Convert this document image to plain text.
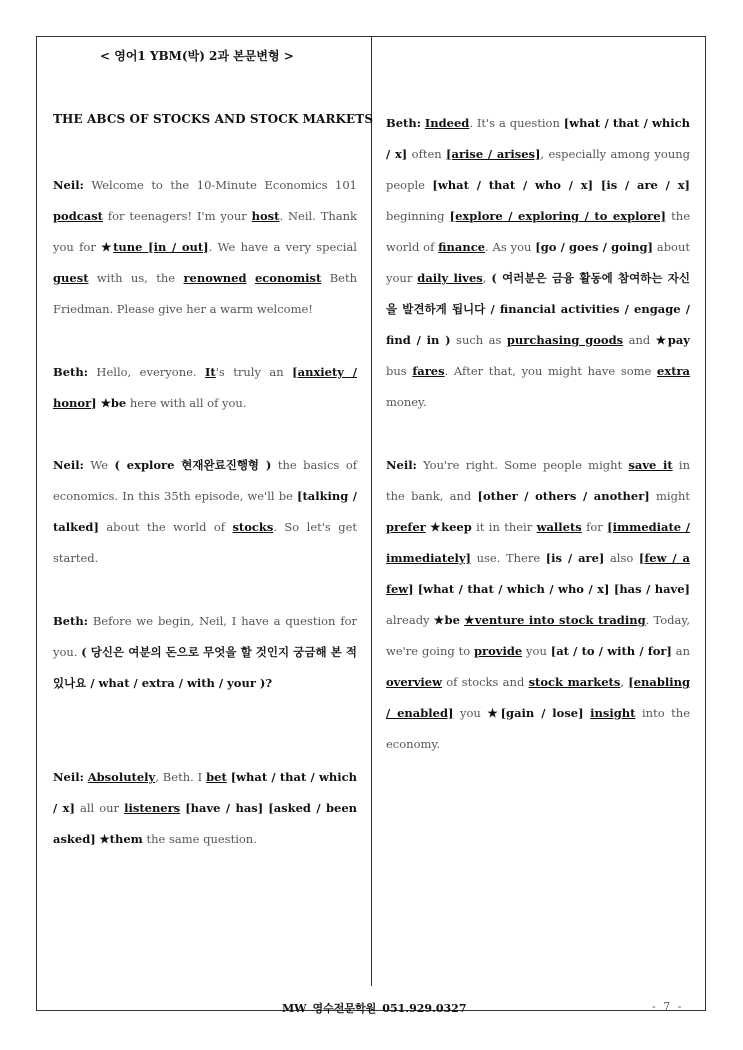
< 영어1 YBM(박) 2과 본문변형 >
THE ABCS OF STOCKS AND STOCK MARKETS

Neil: Welcome to the 10-Minute Economics 101 podcast for teenagers! I'm your host. Neil. Thank you for ★tune [in / out]. We have a very special guest with us, the renowned economist Beth Friedman. Please give her a warm welcome!

Beth: Hello, everyone. It's truly an [anxiety / honor] ★be here with all of you.

Neil: We ( explore 현재완료진행형 ) the basics of economics. In this 35th episode, we'll be [talking / talked] about the world of stocks. So let's get started.

Beth: Before we begin, Neil, I have a question for you. ( 당신은 여분의 돈으로 무엇을 할 것인지 궁금해 본 적 있나요 / what / extra / with / your )?

Neil: Absolutely, Beth. I bet [what / that / which / x] all our listeners [have / has] [asked / been asked] ★them the same question.

Beth: Indeed. It's a question [what / that / which / x] often [arise / arises], especially among young people [what / that / who / x] [is / are / x] beginning [explore / exploring / to explore] the world of finance. As you [go / goes / going] about your daily lives, ( 여러분은 금융 활동에 참여하는 자신을 발견하게 됩니다 / financial activities / engage / find / in ) such as purchasing goods and ★pay bus fares. After that, you might have some extra money.

Neil: You're right. Some people might save it in the bank, and [other / others / another] might prefer ★keep it in their wallets for [immediate / immediately] use. There [is / are] also [few / a few] [what / that / which / who / x] [has / have] already ★be ★venture into stock trading. Today, we're going to provide you [at / to / with / for] an overview of stocks and stock markets, [enabling / enabled] you ★[gain / lose] insight into the economy.

MW 영수전문학원 051.929.0327	- 7 -
